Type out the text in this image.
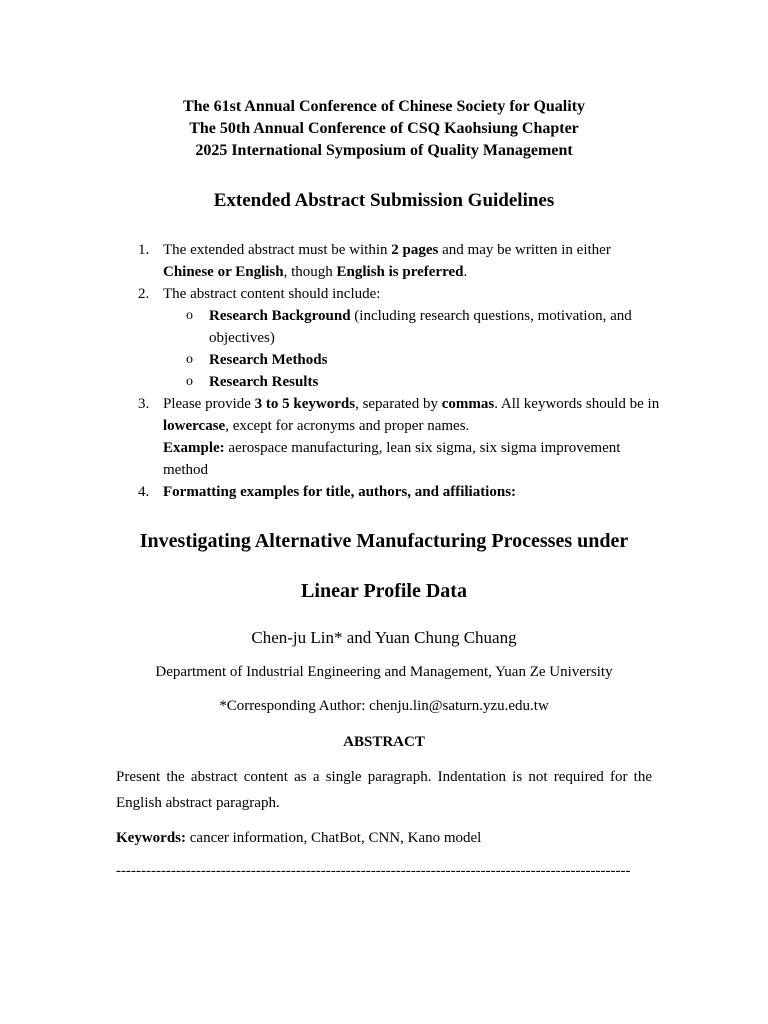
The 61st Annual Conference of Chinese Society for Quality
The 50th Annual Conference of CSQ Kaohsiung Chapter
2025 International Symposium of Quality Management
Extended Abstract Submission Guidelines
1. The extended abstract must be within 2 pages and may be written in either Chinese or English, though English is preferred.
2. The abstract content should include:
o Research Background (including research questions, motivation, and objectives)
o Research Methods
o Research Results
3. Please provide 3 to 5 keywords, separated by commas. All keywords should be in lowercase, except for acronyms and proper names.
Example: aerospace manufacturing, lean six sigma, six sigma improvement method
4. Formatting examples for title, authors, and affiliations:
Investigating Alternative Manufacturing Processes under
Linear Profile Data
Chen-ju Lin* and Yuan Chung Chuang
Department of Industrial Engineering and Management, Yuan Ze University
*Corresponding Author: chenju.lin@saturn.yzu.edu.tw
ABSTRACT
Present the abstract content as a single paragraph. Indentation is not required for the English abstract paragraph.
Keywords: cancer information, ChatBot, CNN, Kano model
-------------------------------------------------------------------------------------------------------
